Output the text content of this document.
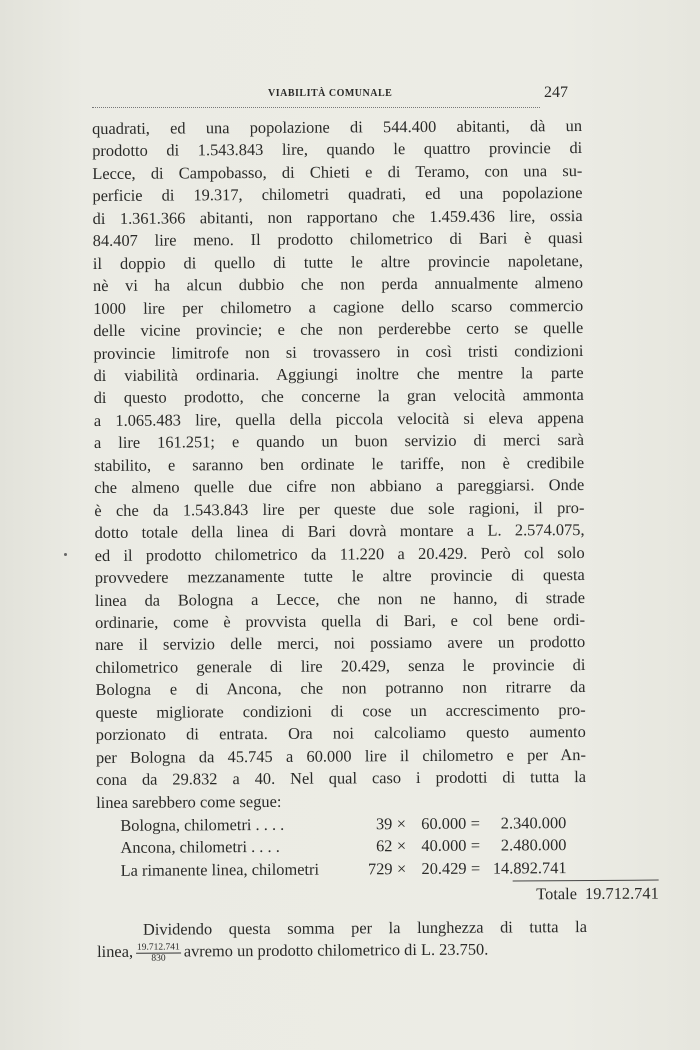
VIABILITÀ COMUNALE	247
quadrati, ed una popolazione di 544.400 abitanti, dà un
prodotto di 1.543.843 lire, quando le quattro provincie di
Lecce, di Campobasso, di Chieti e di Teramo, con una su-
perficie di 19.317, chilometri quadrati, ed una popolazione
di 1.361.366 abitanti, non rapportano che 1.459.436 lire, ossia
84.407 lire meno. Il prodotto chilometrico di Bari è quasi
il doppio di quello di tutte le altre provincie napoletane,
nè vi ha alcun dubbio che non perda annualmente almeno
1000 lire per chilometro a cagione dello scarso commercio
delle vicine provincie; e che non perderebbe certo se quelle
provincie limitrofe non si trovassero in così tristi condizioni
di viabilità ordinaria. Aggiungi inoltre che mentre la parte
di questo prodotto, che concerne la gran velocità ammonta
a 1.065.483 lire, quella della piccola velocità si eleva appena
a lire 161.251; e quando un buon servizio di merci sarà
stabilito, e saranno ben ordinate le tariffe, non è credibile
che almeno quelle due cifre non abbiano a pareggiarsi. Onde
è che da 1.543.843 lire per queste due sole ragioni, il pro-
dotto totale della linea di Bari dovrà montare a L. 2.574.075,
ed il prodotto chilometrico da 11.220 a 20.429. Però col solo
provvedere mezzanamente tutte le altre provincie di questa
linea da Bologna a Lecce, che non ne hanno, di strade
ordinarie, come è provvista quella di Bari, e col bene ordi-
nare il servizio delle merci, noi possiamo avere un prodotto
chilometrico generale di lire 20.429, senza le provincie di
Bologna e di Ancona, che non potranno non ritrarre da
queste migliorate condizioni di cose un accrescimento pro-
porzionato di entrata. Ora noi calcoliamo questo aumento
per Bologna da 45.745 a 60.000 lire il chilometro e per An-
cona da 29.832 a 40. Nel qual caso i prodotti di tutta la
linea sarebbero come segue:
Bologna, chilometri . . . .	39 × 60.000 =	2.340.000
Ancona, chilometri . . . .	62 × 40.000 =	2.480.000
La rimanente linea, chilometri	729 × 20.429 = 14.892.741
Totale 19.712.741
Dividendo questa somma per la lunghezza di tutta la
linea, $\frac{19.712.741}{830}$ avremo un prodotto chilometrico di L. 23.750.
